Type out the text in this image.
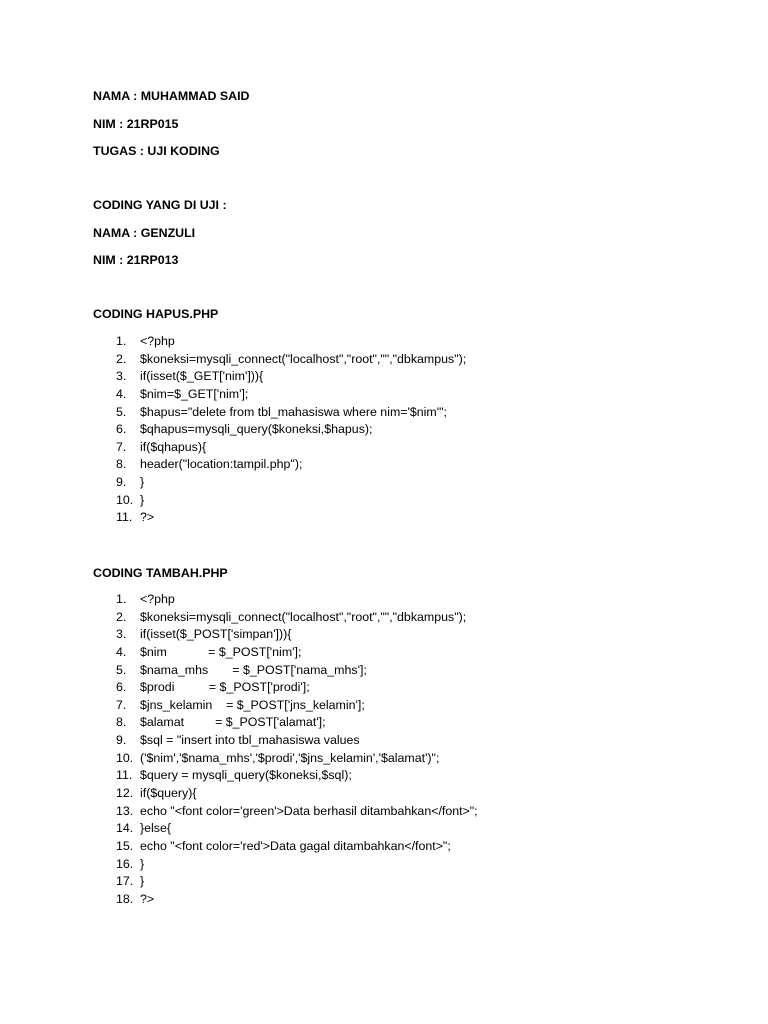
NAMA : MUHAMMAD SAID

NIM : 21RP015

TUGAS : UJI KODING

CODING YANG DI UJI :

NAMA : GENZULI

NIM : 21RP013

CODING HAPUS.PHP

1.	<?php
2.	$koneksi=mysqli_connect("localhost","root","","dbkampus");
3.	if(isset($_GET['nim'])){
4.	$nim=$_GET['nim'];
5.	$hapus="delete from tbl_mahasiswa where nim='$nim'";
6.	$qhapus=mysqli_query($koneksi,$hapus);
7.	if($qhapus){
8.	header("location:tampil.php");
9.	}
10. }
11. ?>

CODING TAMBAH.PHP

1.	<?php
2.	$koneksi=mysqli_connect("localhost","root","","dbkampus");
3.	if(isset($_POST['simpan'])){
4.	$nim            = $_POST['nim'];
5.	$nama_mhs       = $_POST['nama_mhs'];
6.	$prodi          = $_POST['prodi'];
7.	$jns_kelamin    = $_POST['jns_kelamin'];
8.	$alamat         = $_POST['alamat'];
9.	$sql = "insert into tbl_mahasiswa values
10. ('$nim','$nama_mhs','$prodi','$jns_kelamin','$alamat')";
11. $query = mysqli_query($koneksi,$sql);
12. if($query){
13. echo "<font color='green'>Data berhasil ditambahkan</font>";
14. }else{
15. echo "<font color='red'>Data gagal ditambahkan</font>";
16. }
17. }
18. ?>
